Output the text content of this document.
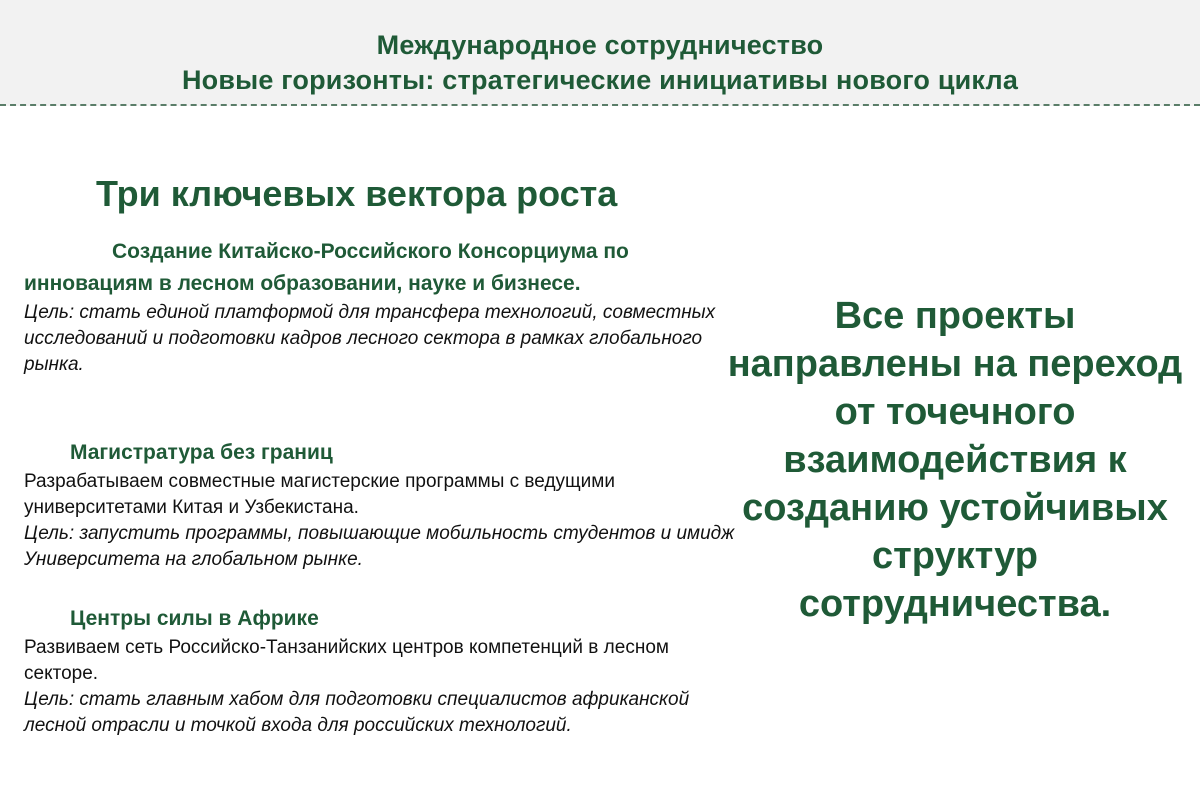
Международное сотрудничество
Новые горизонты: стратегические инициативы нового цикла
Три ключевых вектора роста
Создание Китайско-Российского Консорциума по инновациям в лесном образовании, науке и бизнесе.
Цель: стать единой платформой для трансфера технологий, совместных исследований и подготовки кадров лесного сектора в рамках глобального рынка.
Магистратура без границ
Разрабатываем совместные магистерские программы с ведущими университетами Китая и Узбекистана.
Цель: запустить программы, повышающие мобильность студентов и имидж Университета на глобальном рынке.
Центры силы в Африке
Развиваем сеть Российско-Танзанийских центров компетенций в лесном секторе.
Цель: стать главным хабом для подготовки специалистов африканской лесной отрасли и точкой входа для российских технологий.
Все проекты направлены на переход от точечного взаимодействия к созданию устойчивых структур сотрудничества.
